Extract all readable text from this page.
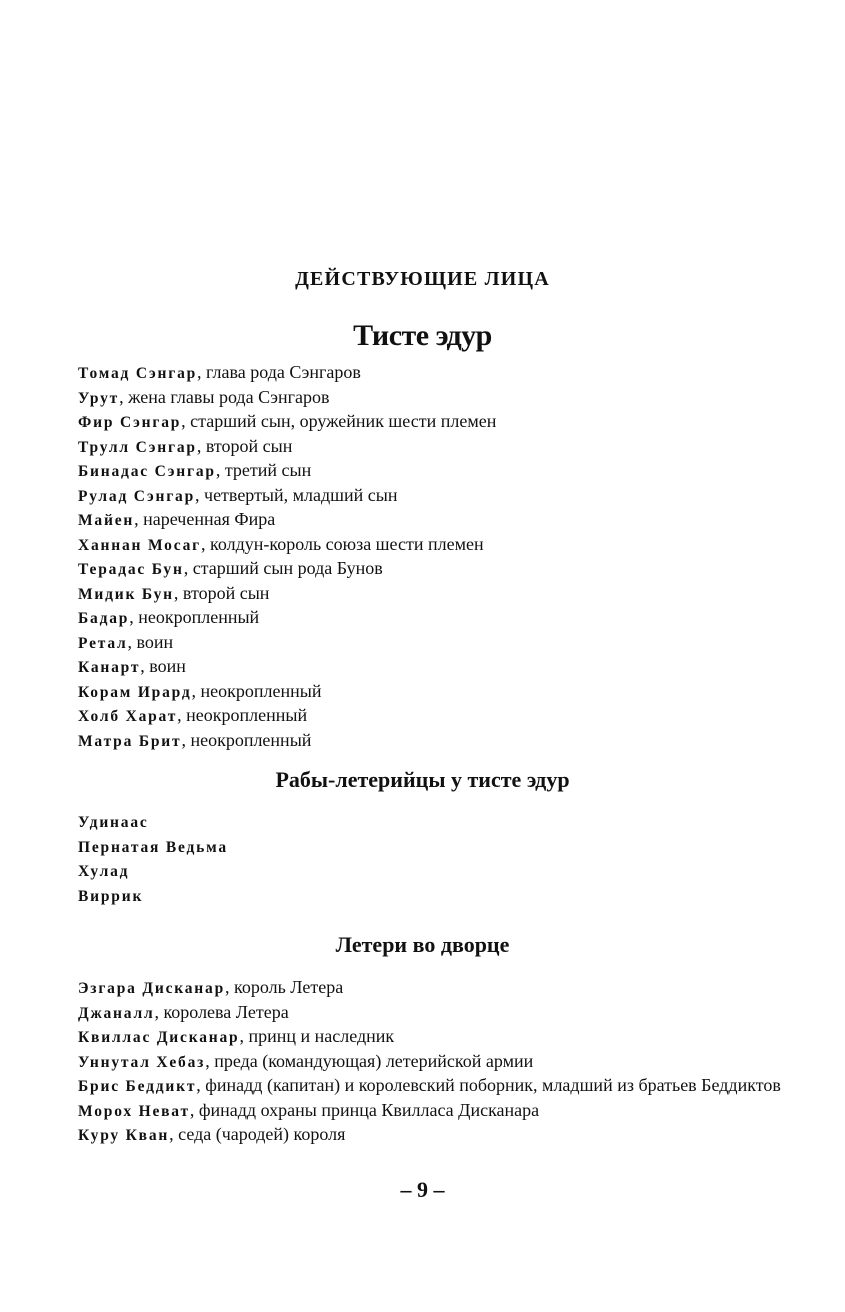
ДЕЙСТВУЮЩИЕ ЛИЦА
Тисте эдур
Томад Сэнгар, глава рода Сэнгаров
Урут, жена главы рода Сэнгаров
Фир Сэнгар, старший сын, оружейник шести племен
Трулл Сэнгар, второй сын
Бинадас Сэнгар, третий сын
Рулад Сэнгар, четвертый, младший сын
Майен, нареченная Фира
Ханнан Мосаг, колдун-король союза шести племен
Терадас Бун, старший сын рода Бунов
Мидик Бун, второй сын
Бадар, неокропленный
Ретал, воин
Канарт, воин
Корам Ирард, неокропленный
Холб Харат, неокропленный
Матра Брит, неокропленный
Рабы-летерийцы у тисте эдур
Удинаас
Пернатая Ведьма
Хулад
Виррик
Летери во дворце
Эзгара Дисканар, король Летера
Джаналл, королева Летера
Квиллас Дисканар, принц и наследник
Уннутал Хебаз, преда (командующая) летерийской армии
Брис Беддикт, финадд (капитан) и королевский поборник, младший из братьев Беддиктов
Морох Неват, финадд охраны принца Квилласа Дисканара
Куру Кван, седа (чародей) короля
– 9 –
